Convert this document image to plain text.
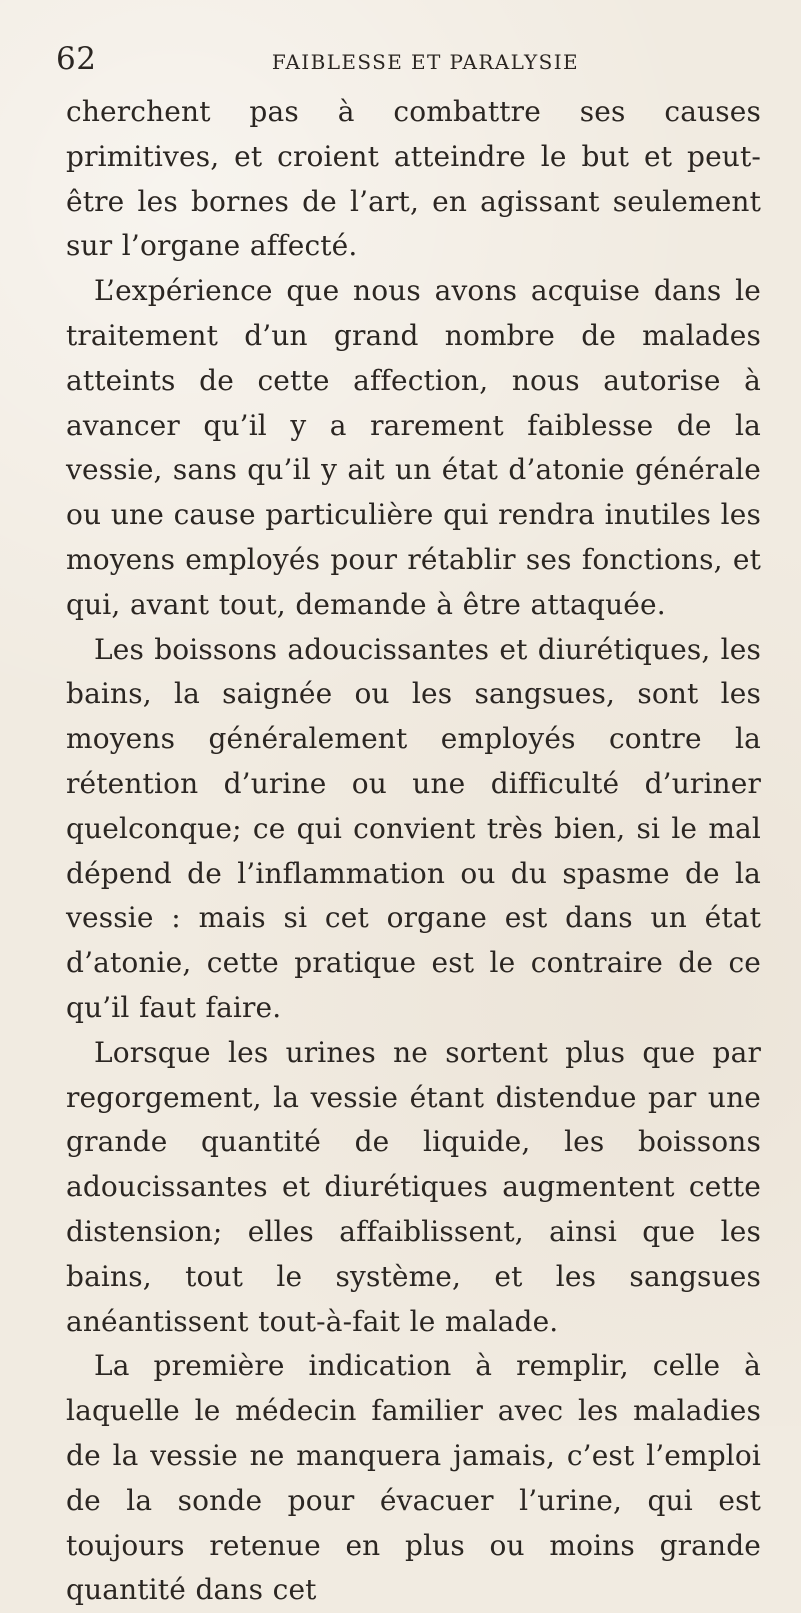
62	FAIBLESSE ET PARALYSIE

cherchent pas à combattre ses causes primitives, et croient atteindre le but et peut-être les bornes de l’art, en agissant seulement sur l’organe affecté.

L’expérience que nous avons acquise dans le traitement d’un grand nombre de malades atteints de cette affection, nous autorise à avancer qu’il y a rarement faiblesse de la vessie, sans qu’il y ait un état d’atonie générale ou une cause particulière qui rendra inutiles les moyens employés pour rétablir ses fonctions, et qui, avant tout, demande à être attaquée.

Les boissons adoucissantes et diurétiques, les bains, la saignée ou les sangsues, sont les moyens généralement employés contre la rétention d’urine ou une difficulté d’uriner quelconque; ce qui convient très bien, si le mal dépend de l’inflammation ou du spasme de la vessie : mais si cet organe est dans un état d’atonie, cette pratique est le contraire de ce qu’il faut faire.

Lorsque les urines ne sortent plus que par regorgement, la vessie étant distendue par une grande quantité de liquide, les boissons adoucissantes et diurétiques augmentent cette distension; elles affaiblissent, ainsi que les bains, tout le système, et les sangsues anéantissent tout-à-fait le malade.

La première indication à remplir, celle à laquelle le médecin familier avec les maladies de la vessie ne manquera jamais, c’est l’emploi de la sonde pour évacuer l’urine, qui est toujours retenue en plus ou moins grande quantité dans cet
